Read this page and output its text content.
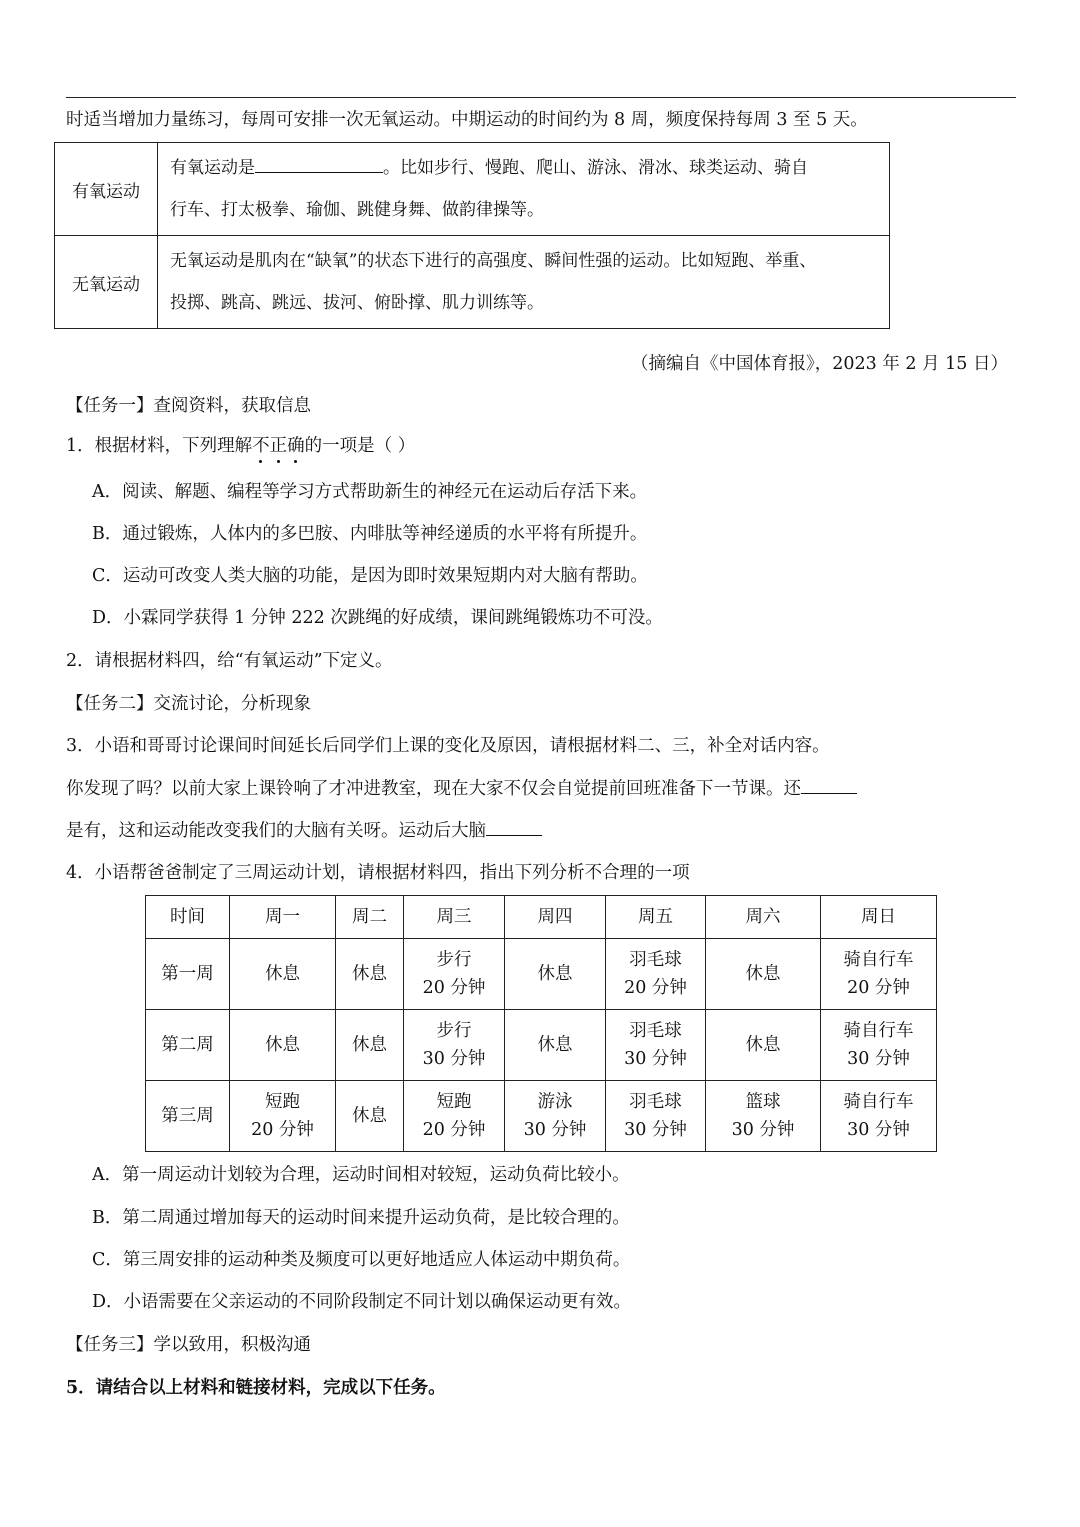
时适当增加力量练习，每周可安排一次无氧运动。中期运动的时间约为 8 周，频度保持每周 3 至 5 天。
有氧运动	有氧运动是 。比如步行、慢跑、爬山、游泳、滑冰、球类运动、骑自
行车、打太极拳、瑜伽、跳健身舞、做韵律操等。
无氧运动	无氧运动是肌肉在“缺氧”的状态下进行的高强度、瞬间性强的运动。比如短跑、举重、
投掷、跳高、跳远、拔河、俯卧撑、肌力训练等。
（摘编自《中国体育报》，2023 年 2 月 15 日）
【任务一】查阅资料，获取信息
1．根据材料，下列理解不正确的一项是（ ）
A．阅读、解题、编程等学习方式帮助新生的神经元在运动后存活下来。
B．通过锻炼，人体内的多巴胺、内啡肽等神经递质的水平将有所提升。
C．运动可改变人类大脑的功能，是因为即时效果短期内对大脑有帮助。
D．小霖同学获得 1 分钟 222 次跳绳的好成绩，课间跳绳锻炼功不可没。
2．请根据材料四，给“有氧运动”下定义。
【任务二】交流讨论，分析现象
3．小语和哥哥讨论课间时间延长后同学们上课的变化及原因，请根据材料二、三，补全对话内容。
你发现了吗？以前大家上课铃响了才冲进教室，现在大家不仅会自觉提前回班准备下一节课。还
是有，这和运动能改变我们的大脑有关呀。运动后大脑
4．小语帮爸爸制定了三周运动计划，请根据材料四，指出下列分析不合理的一项
时间	周一	周二	周三	周四	周五	周六	周日
第一周	休息	休息	步行
20 分钟	休息	羽毛球
20 分钟	休息	骑自行车
20 分钟
第二周	休息	休息	步行
30 分钟	休息	羽毛球
30 分钟	休息	骑自行车
30 分钟
第三周	短跑
20 分钟	休息	短跑
20 分钟	游泳
30 分钟	羽毛球
30 分钟	篮球
30 分钟	骑自行车
30 分钟
A．第一周运动计划较为合理，运动时间相对较短，运动负荷比较小。
B．第二周通过增加每天的运动时间来提升运动负荷，是比较合理的。
C．第三周安排的运动种类及频度可以更好地适应人体运动中期负荷。
D．小语需要在父亲运动的不同阶段制定不同计划以确保运动更有效。
【任务三】学以致用，积极沟通
5．请结合以上材料和链接材料，完成以下任务。
